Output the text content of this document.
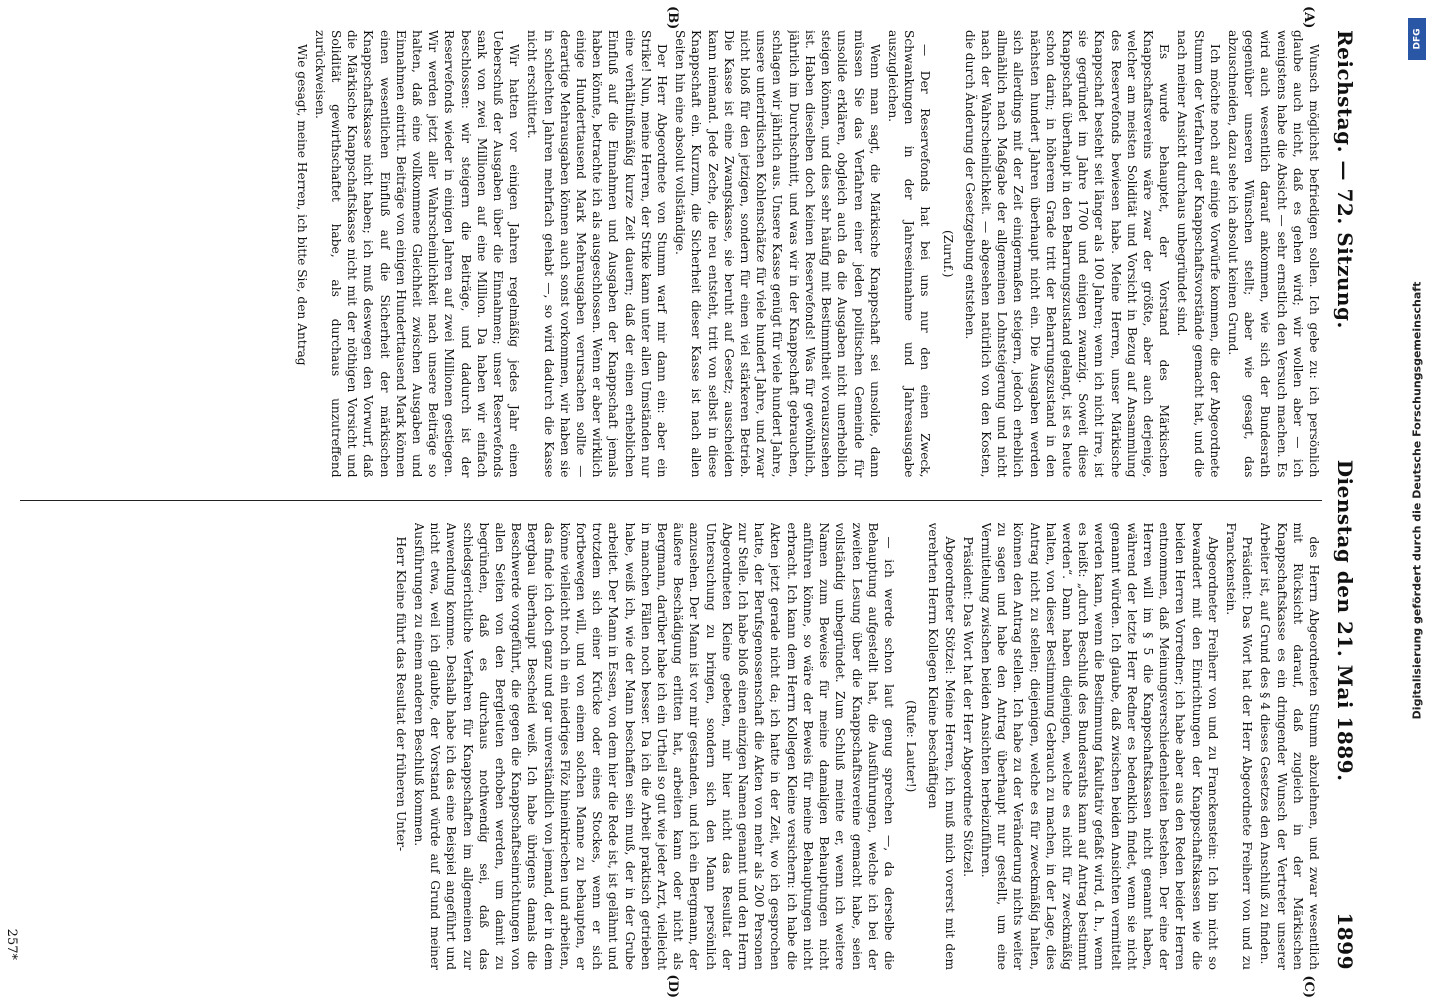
Reichstag. — 72. Sitzung.
Dienstag den 21. Mai 1889.
1899
(A)
(B)
(C)
(D)

Wunsch möglichst befriedigen sollen. Ich gebe zu: ich persönlich glaube auch nicht, daß es gehen wird; wir wollen aber — ich wenigstens habe die Absicht — sehr ernstlich den Versuch machen. Es wird auch wesentlich darauf ankommen, wie sich der Bundesrath gegenüber unseren Wünschen stellt; aber wie gesagt, das abzuschneiden, dazu sehe ich absolut keinen Grund.

Ich möchte noch auf einige Vorwürfe kommen, die der Abgeordnete Stumm der Verfahren der Knappschaftsvorstände gemacht hat, und die nach meiner Ansicht durchaus unbegründet sind.

Es wurde behauptet, der Vorstand des Märkischen Knappschaftsvereins wäre zwar der größte, aber auch derjenige, welcher am meisten Solidität und Vorsicht in Bezug auf Ansammlung des Reservefonds bewiesen habe. Meine Herren, unser Märkische Knappschaft besteht seit länger als 100 Jahren; wenn ich nicht irre, ist sie gegründet im Jahre 1700 und einigen zwanzig. Soweit diese Knappschaft überhaupt in den Beharrungszustand gelangt, ist es heute schon darin; in höherem Grade tritt der Beharrungszustand in den nächsten hundert Jahren überhaupt nicht ein. Die Ausgaben werden sich allerdings mit der Zeit einigermaßen steigern, jedoch erheblich allmählich nach Maßgabe der allgemeinen Lohnsteigerung und nicht nach der Wahrscheinlichkeit. — abgesehen natürlich von den Kosten, die durch Änderung der Gesetzgebung entstehen.

(Zuruf.)

— Der Reservefonds hat bei uns nur den einen Zweck, Schwankungen in der Jahreseinnahme und Jahresausgabe auszugleichen.

Wenn man sagt, die Märkische Knappschaft sei unsolide, dann müssen Sie das Verfahren einer jeden politischen Gemeinde für unsolide erklären, obgleich auch da die Ausgaben nicht unerheblich steigen können, und dies sehr häufig mit Bestimmtheit vorauszusehen ist. Haben dieselben doch keinen Reservefonds! Was für gewöhnlich, jährlich im Durchschnitt, und was wir in der Knappschaft gebrauchen, schlagen wir jährlich aus. Unsere Kasse genügt für viele hundert Jahre, unsere unterirdischen Kohlenschätze für viele hundert Jahre, und zwar nicht bloß für den jetzigen, sondern für einen viel stärkeren Betrieb. Die Kasse ist eine Zwangskasse, sie beruht auf Gesetz; ausscheiden kann niemand. Jede Zeche, die neu entsteht, tritt von selbst in diese Knappschaft ein. Kurzum, die Sicherheit dieser Kasse ist nach allen Seiten hin eine absolut vollständige.

Der Herr Abgeordnete von Stumm warf mir dann ein: aber ein Strike! Nun, meine Herren, der Strike kann unter allen Umständen nur eine verhältnißmäßig kurze Zeit dauern; daß der einen erheblichen Einfluß auf die Einnahmen und Ausgaben der Knappschaft jemals haben könnte, betrachte ich als ausgeschlossen. Wenn er aber wirklich einige Hunderttausend Mark Mehrausgaben verursachen sollte — derartige Mehrausgaben können auch sonst vorkommen, wir haben sie in schlechten Jahren mehrfach gehabt —, so wird dadurch die Kasse nicht erschüttert.

Wir hatten vor einigen Jahren regelmäßig jedes Jahr einen Ueberschuß der Ausgaben über die Einnahmen; unser Reservefonds sank von zwei Millionen auf eine Million. Da haben wir einfach beschlossen: wir steigern die Beiträge, und dadurch ist der Reservefonds wieder in einigen Jahren auf zwei Millionen gestiegen. Wir werden jetzt aller Wahrscheinlichkeit nach unsere Beiträge so halten, daß eine vollkommene Gleichheit zwischen Ausgaben und Einnahmen eintritt. Beiträge von einigen Hunderttausend Mark können einen wesentlichen Einfluß auf die Sicherheit der märkischen Knappschaftskasse nicht haben; ich muß deswegen den Vorwurf, daß die Märkische Knappschaftskasse nicht mit der nöthigen Vorsicht und Solidität gewirthschaftet habe, als durchaus unzutreffend zurückweisen.

Wie gesagt, meine Herren, ich bitte Sie, den Antrag

des Herrn Abgeordneten Stumm abzulehnen, und zwar wesentlich mit Rücksicht darauf, daß zugleich in der Märkischen Knappschaftskasse es ein dringender Wunsch der Vertreter unserer Arbeiter ist, auf Grund des § 4 dieses Gesetzes den Anschluß zu finden.

Präsident: Das Wort hat der Herr Abgeordnete Freiherr von und zu Franckenstein.

Abgeordneter Freiherr von und zu Franckenstein: Ich bin nicht so bewandert mit den Einrichtungen der Knappschaftskassen wie die beiden Herren Vorredner; ich habe aber aus den Reden beider Herren entnommen, daß Meinungsverschiedenheiten bestehen. Der eine der Herren will im § 5 die Knappschaftskassen nicht genannt haben, während der letzte Herr Redner es bedenklich findet, wenn sie nicht genannt würden. Ich glaube, daß zwischen beiden Ansichten vermittelt werden kann, wenn die Bestimmung fakultativ gefaßt wird, d. h., wenn es heißt: „durch Beschluß des Bundesraths kann auf Antrag bestimmt werden“. Dann haben diejenigen, welche es nicht für zweckmäßig halten, von dieser Bestimmung Gebrauch zu machen, in der Lage, dies Antrag nicht zu stellen; diejenigen, welche es für zweckmäßig halten, können den Antrag stellen. Ich habe zu der Veränderung nichts weiter zu sagen und habe den Antrag überhaupt nur gestellt, um eine Vermittelung zwischen beiden Ansichten herbeizuführen.

Präsident: Das Wort hat der Herr Abgeordnete Stötzel.

Abgeordneter Stötzel: Meine Herren, ich muß mich vorerst mit dem verehrten Herrn Kollegen Kleine beschäftigen

(Rufe: Lauter!)

— ich werde schon laut genug sprechen —, da derselbe die Behauptung aufgestellt hat, die Ausführungen, welche ich bei der zweiten Lesung über die Knappschaftsvereine gemacht habe, seien vollständig unbegründet. Zum Schluß meinte er, wenn ich weitere Namen zum Beweise für meine damaligen Behauptungen nicht anführen könne, so wäre der Beweis für meine Behauptungen nicht erbracht. Ich kann dem Herrn Kollegen Kleine versichern: ich habe die Akten jetzt gerade nicht da; ich hatte in der Zeit, wo ich gesprochen hatte, der Berufsgenossenschaft die Akten von mehr als 200 Personen zur Stelle. Ich habe bloß einen einzigen Namen genannt und den Herrn Abgeordneten Kleine gebeten, mir hier nicht das Resultat der Untersuchung zu bringen, sondern sich den Mann persönlich anzusehen. Der Mann ist vor mir gestanden, und ich ein Bergmann, der äußere Beschädigung erlitten hat, arbeiten kann oder nicht als Bergmann, darüber habe ich ein Urtheil so gut wie jeder Arzt, vielleicht in manchen Fällen noch besser. Da ich die Arbeit praktisch getrieben habe, weiß ich, wie der Mann beschaffen sein muß, der in der Grube arbeitet. Der Mann in Essen, von dem hier die Rede ist, ist gelähmt und trotzdem sich einer Krücke oder eines Stockes, wenn er sich fortbewegen will, und von einem solchen Manne zu behaupten, er könne vielleicht noch in ein niedriges Flöz hineinkriechen und arbeiten, das finde ich doch ganz und gar unverständlich von jemand, der in dem Bergbau überhaupt Bescheid weiß. Ich habe übrigens damals die Beschwerde vorgeführt, die gegen die Knappschaftseinrichtungen von allen Seiten von den Bergleuten erhoben werden, um damit zu begründen, daß es durchaus nothwendig sei, daß das schiedsgerichtliche Verfahren für Knappschaften im allgemeinen zur Anwendung komme. Deshalb habe ich das eine Beispiel angeführt und nicht etwa, weil ich glaubte, der Vorstand würde auf Grund meiner Ausführungen zu einem anderen Beschluß kommen.

Herr Kleine führt das Resultat der früheren Unter-

257*
DFG
Digitalisierung gefördert durch die Deutsche Forschungsgemeinschaft
